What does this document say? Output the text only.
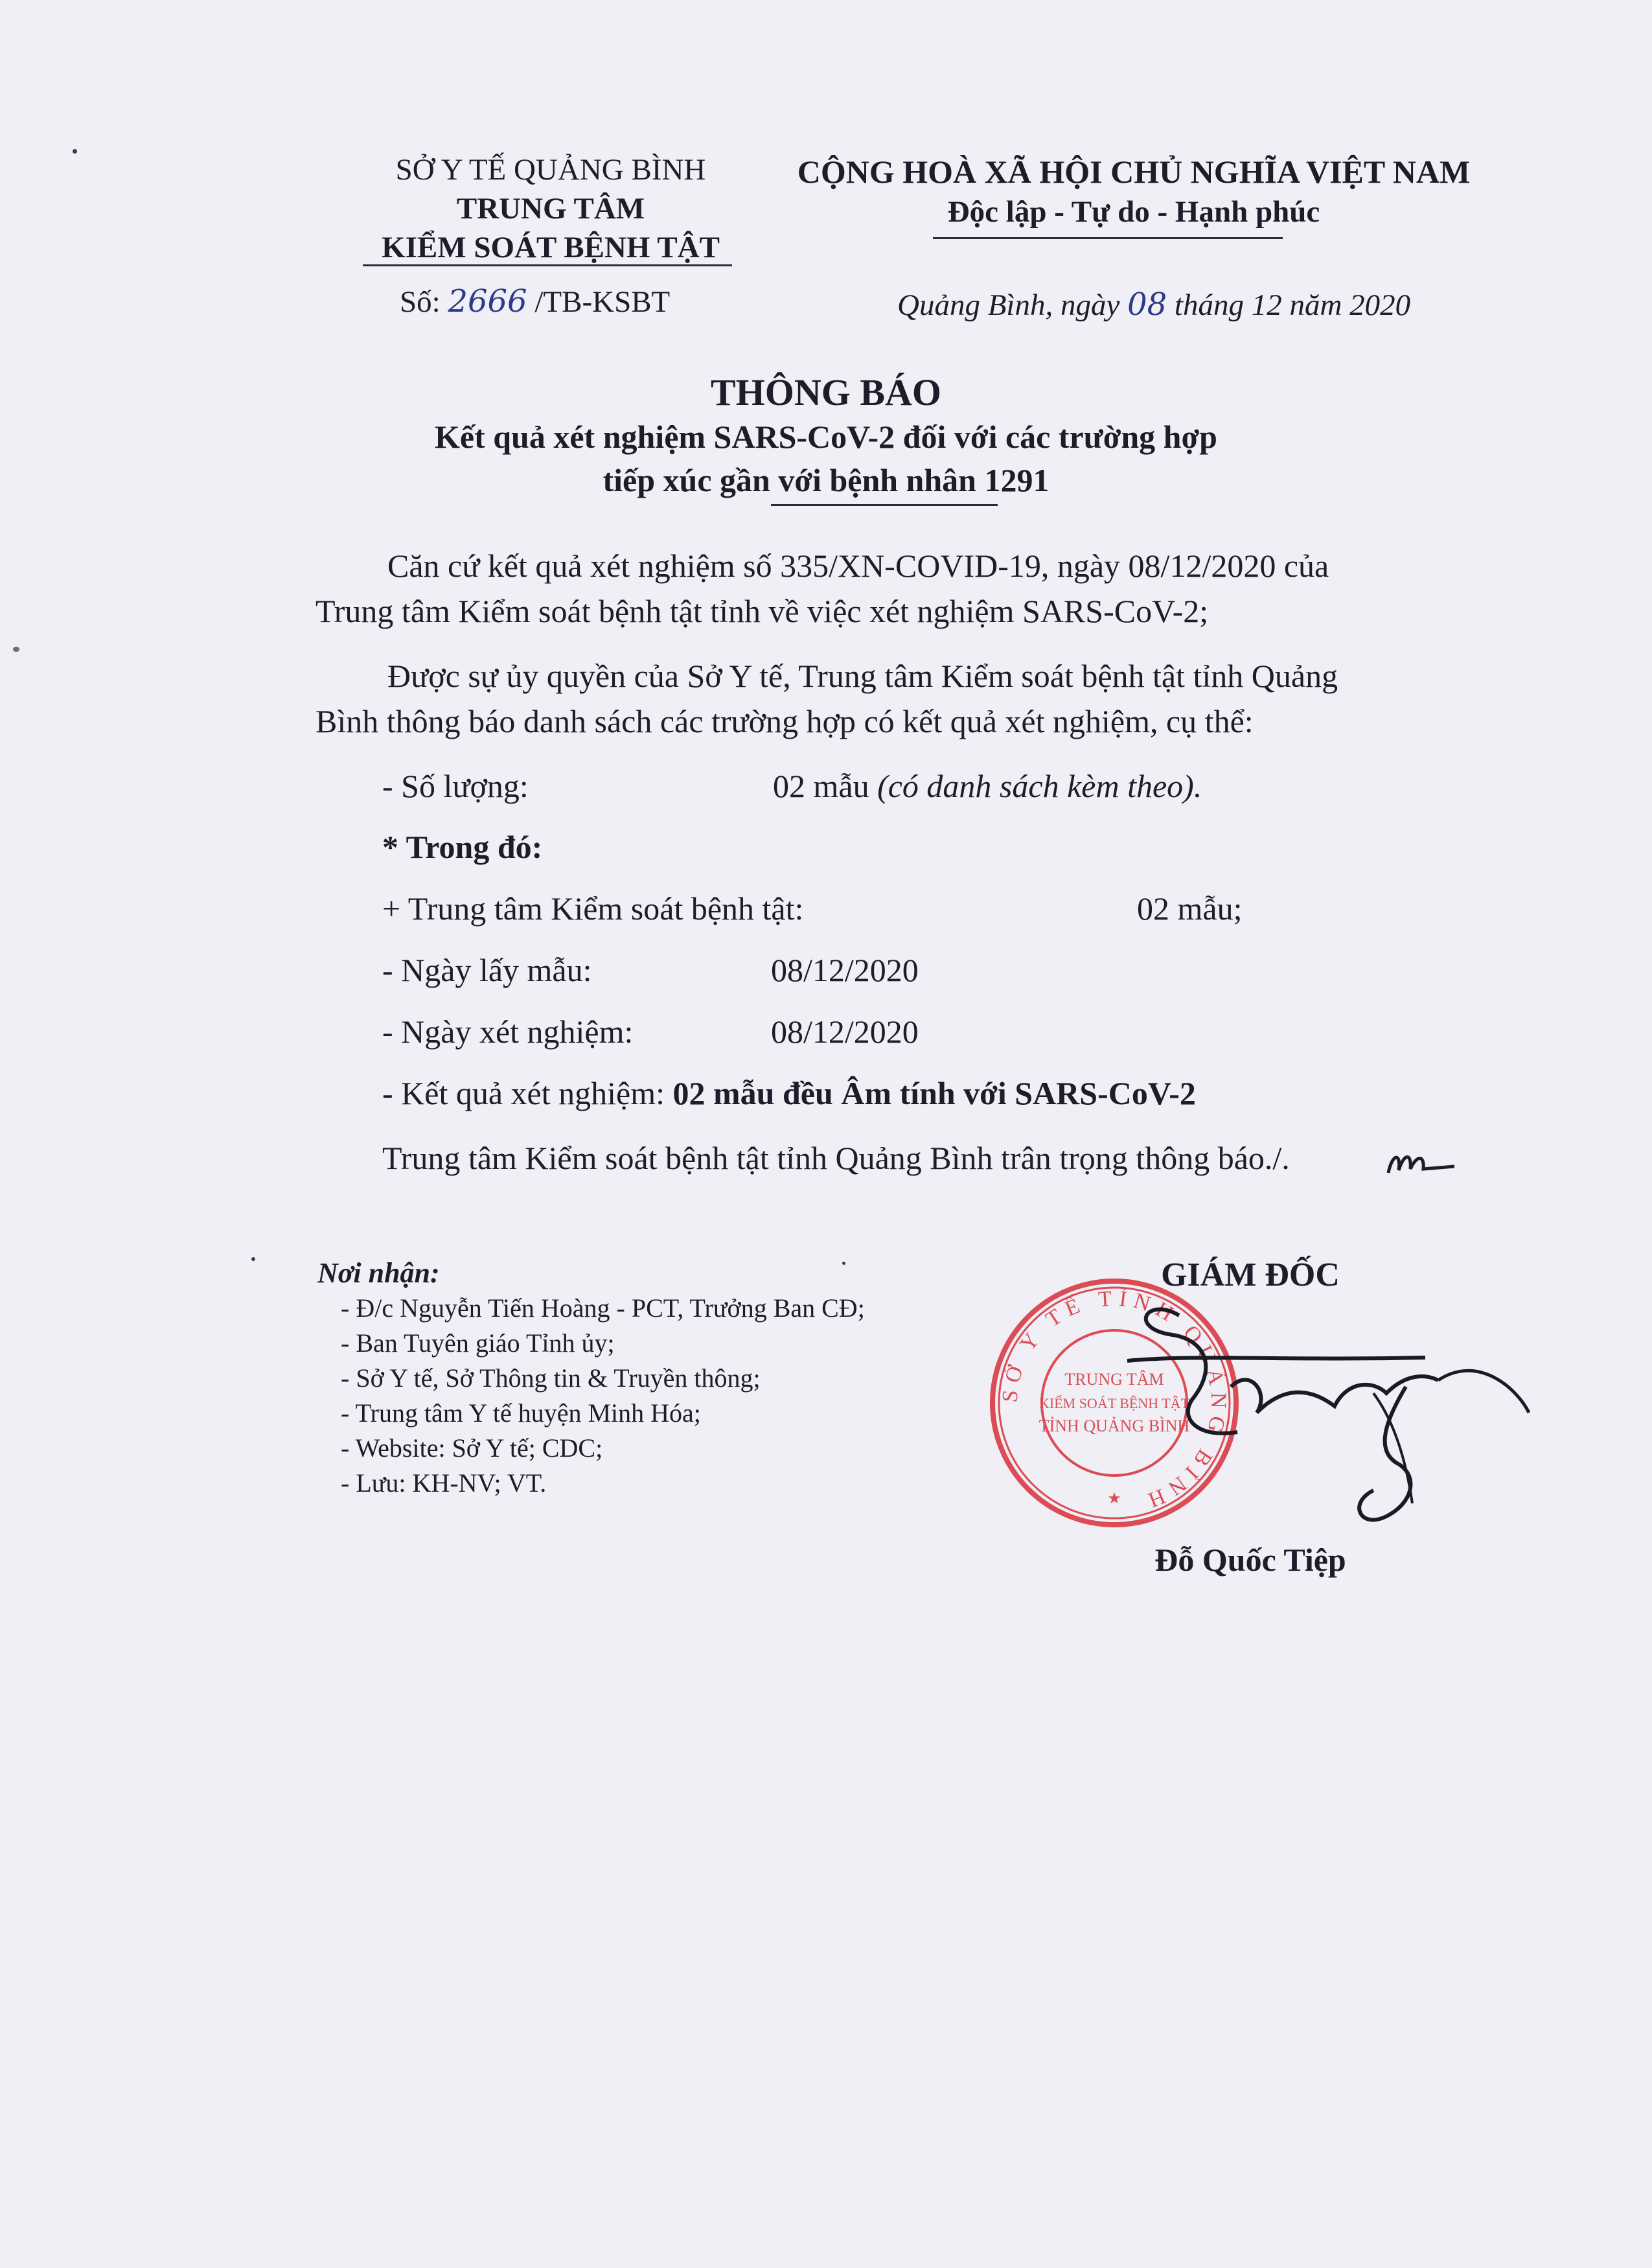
SỞ Y TẾ QUẢNG BÌNH
TRUNG TÂM
KIỂM SOÁT BỆNH TẬT
Số: 2666 /TB-KSBT
CỘNG HOÀ XÃ HỘI CHỦ NGHĨA VIỆT NAM
Độc lập - Tự do - Hạnh phúc
Quảng Bình, ngày 08 tháng 12 năm 2020
THÔNG BÁO
Kết quả xét nghiệm SARS-CoV-2 đối với các trường hợp
tiếp xúc gần với bệnh nhân 1291
Căn cứ kết quả xét nghiệm số 335/XN-COVID-19, ngày 08/12/2020 của
Trung tâm Kiểm soát bệnh tật tỉnh về việc xét nghiệm SARS-CoV-2;
Được sự ủy quyền của Sở Y tế, Trung tâm Kiểm soát bệnh tật tỉnh Quảng
Bình thông báo danh sách các trường hợp có kết quả xét nghiệm, cụ thể:
- Số lượng:	02 mẫu (có danh sách kèm theo).
* Trong đó:
+ Trung tâm Kiểm soát bệnh tật:	02 mẫu;
- Ngày lấy mẫu:	08/12/2020
- Ngày xét nghiệm:	08/12/2020
- Kết quả xét nghiệm: 02 mẫu đều Âm tính với SARS-CoV-2
Trung tâm Kiểm soát bệnh tật tỉnh Quảng Bình trân trọng thông báo./.
Nơi nhận:
- Đ/c Nguyễn Tiến Hoàng - PCT, Trưởng Ban CĐ;
- Ban Tuyên giáo Tỉnh ủy;
- Sở Y tế, Sở Thông tin & Truyền thông;
- Trung tâm Y tế huyện Minh Hóa;
- Website: Sở Y tế; CDC;
- Lưu: KH-NV; VT.
GIÁM ĐỐC
SỞ Y TẾ TỈNH QUẢNG BÌNH
TRUNG TÂM
KIỂM SOÁT BỆNH TẬT
TỈNH QUẢNG BÌNH
★
Đỗ Quốc Tiệp
